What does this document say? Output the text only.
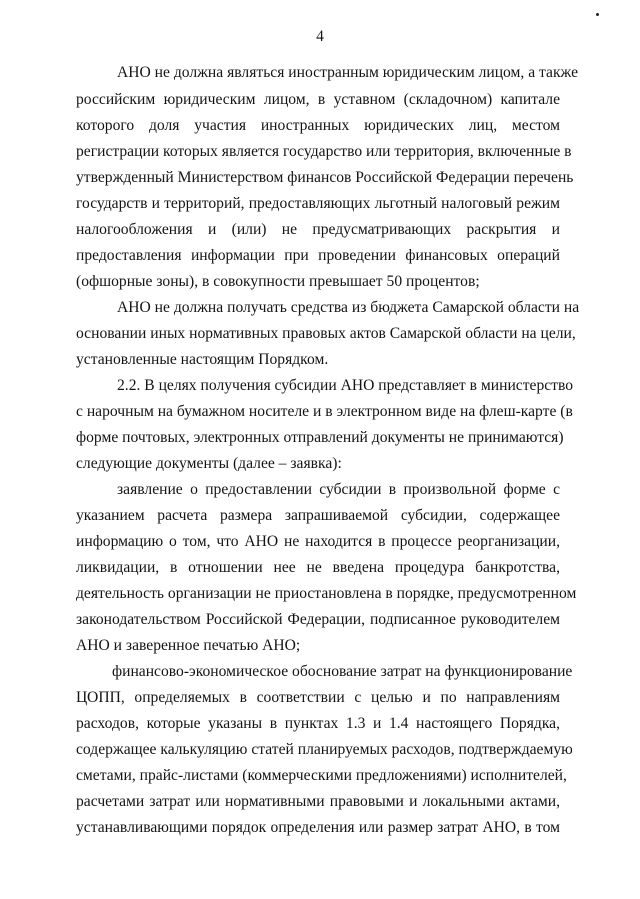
4
АНО не должна являться иностранным юридическим лицом, а также
российским юридическим лицом, в уставном (складочном) капитале
которого доля участия иностранных юридических лиц, местом
регистрации которых является государство или территория, включенные в
утвержденный Министерством финансов Российской Федерации перечень
государств и территорий, предоставляющих льготный налоговый режим
налогообложения и (или) не предусматривающих раскрытия и
предоставления информации при проведении финансовых операций
(офшорные зоны), в совокупности превышает 50 процентов;
АНО не должна получать средства из бюджета Самарской области на
основании иных нормативных правовых актов Самарской области на цели,
установленные настоящим Порядком.
2.2. В целях получения субсидии АНО представляет в министерство
с нарочным на бумажном носителе и в электронном виде на флеш-карте (в
форме почтовых, электронных отправлений документы не принимаются)
следующие документы (далее – заявка):
заявление о предоставлении субсидии в произвольной форме с
указанием расчета размера запрашиваемой субсидии, содержащее
информацию о том, что АНО не находится в процессе реорганизации,
ликвидации, в отношении нее не введена процедура банкротства,
деятельность организации не приостановлена в порядке, предусмотренном
законодательством Российской Федерации, подписанное руководителем
АНО и заверенное печатью АНО;
финансово-экономическое обоснование затрат на функционирование
ЦОПП, определяемых в соответствии с целью и по направлениям
расходов, которые указаны в пунктах 1.3 и 1.4 настоящего Порядка,
содержащее калькуляцию статей планируемых расходов, подтверждаемую
сметами, прайс-листами (коммерческими предложениями) исполнителей,
расчетами затрат или нормативными правовыми и локальными актами,
устанавливающими порядок определения или размер затрат АНО, в том
